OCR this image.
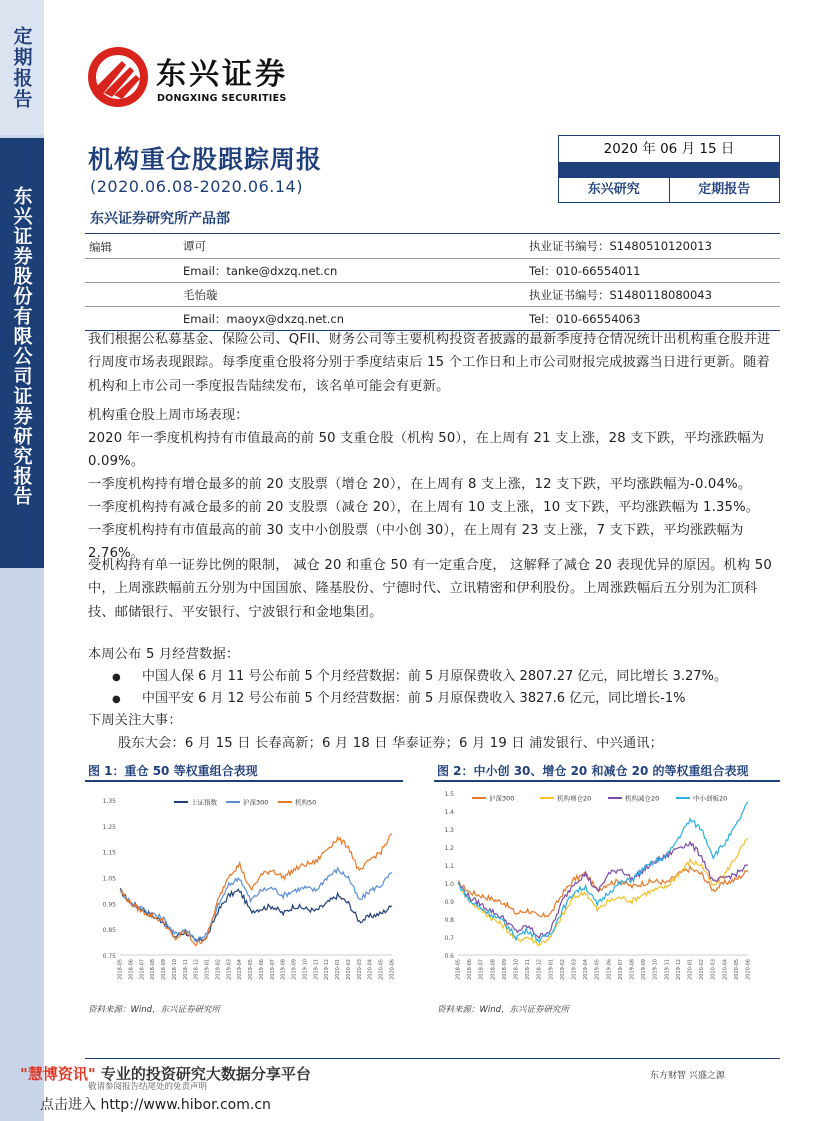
定期报告
东兴证券股份有限公司证券研究报告
东兴证券
DONGXING SECURITIES
机构重仓股跟踪周报
(2020.06.08-2020.06.14)
东兴证券研究所产品部
2020 年 06 月 15 日
东兴研究	定期报告
谭可	执业证书编号：S1480510120013
编辑
Email：tanke@dxzq.net.cn	Tel：010-66554011
毛怡璇	执业证书编号：S1480118080043
Email：maoyx@dxzq.net.cn	Tel：010-66554063
我们根据公私募基金、保险公司、QFII、财务公司等主要机构投资者披露的最新季度持仓情况统计出机构重仓股并进行周度市场表现跟踪。每季度重仓股将分别于季度结束后 15 个工作日和上市公司财报完成披露当日进行更新。随着机构和上市公司一季度报告陆续发布，该名单可能会有更新。
机构重仓股上周市场表现：
2020 年一季度机构持有市值最高的前 50 支重仓股（机构 50），在上周有 21 支上涨，28 支下跌，平均涨跌幅为 0.09%。
一季度机构持有增仓最多的前 20 支股票（增仓 20），在上周有 8 支上涨，12 支下跌，平均涨跌幅为-0.04%。
一季度机构持有减仓最多的前 20 支股票（减仓 20），在上周有 10 支上涨，10 支下跌，平均涨跌幅为 1.35%。
一季度机构持有市值最高的前 30 支中小创股票（中小创 30），在上周有 23 支上涨，7 支下跌，平均涨跌幅为 2.76%。
受机构持有单一证券比例的限制， 减仓 20 和重仓 50 有一定重合度， 这解释了减仓 20 表现优异的原因。机构 50 中，上周涨跌幅前五分别为中国国旅、隆基股份、宁德时代、立讯精密和伊利股份。上周涨跌幅后五分别为汇顶科技、邮储银行、平安银行、宁波银行和金地集团。
本周公布 5 月经营数据：
● 中国人保 6 月 11 号公布前 5 个月经营数据：前 5 月原保费收入 2807.27 亿元，同比增长 3.27%。
● 中国平安 6 月 12 号公布前 5 个月经营数据：前 5 月原保费收入 3827.6 亿元，同比增长-1%
下周关注大事：
股东大会：6 月 15 日 长春高新；6 月 18 日 华泰证券；6 月 19 日 浦发银行、中兴通讯；
图 1：重仓 50 等权重组合表现
1.35
1.25
1.15
1.05
0.95
0.85
0.75
2018-05 2018-06 2018-07 2018-08 2018-09 2018-10 2018-11 2018-12 2019-01 2019-02 2019-03 2019-04 2019-05 2019-06 2019-07 2019-08 2019-09 2019-10 2019-11 2019-12 2020-01 2020-02 2020-03 2020-04 2020-05 2020-06
上证指数	沪深300	机构50
资料来源：Wind，东兴证券研究所
图 2：中小创 30、增仓 20 和减仓 20 的等权重组合表现
1.5
1.4
1.3
1.2
1.1
1.0
0.9
0.8
0.7
0.6
2018-05 2018-06 2018-07 2018-08 2018-09 2018-10 2018-11 2018-12 2019-01 2019-02 2019-03 2019-04 2019-05 2019-06 2019-07 2019-08 2019-09 2019-10 2019-11 2019-12 2020-01 2020-02 2020-03 2020-04 2020-05 2020-06
沪深300	机构增仓20	机构减仓20	中小创板20
资料来源：Wind，东兴证券研究所
"慧博资讯" 专业的投资研究大数据分享平台
敬请参阅报告结尾处的免责声明
东方财智 兴盛之源
点击进入 http://www.hibor.com.cn
